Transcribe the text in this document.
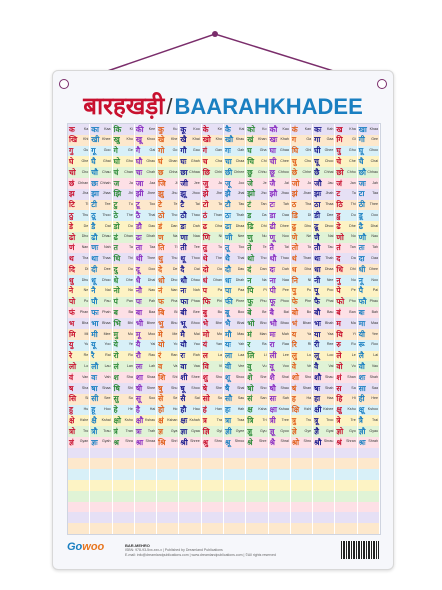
बारहखड़ी/BAARAHKHADEE
क	Ka का Kaa कि Ki की Kee कु	Ku कू Koo के	Ke कै Kai को Ko कौ Kau कं Kan कः Kah ख Kha खा Khaa
खि Khi खी Khee खु Khu खू Khoo खे Khe खै Khai खो Kho खौ Khau खं Khan खः Khah ग	Ga गा Gaa गि	Gi गी Gee
गु	Gu गू Goo गे	Ge गै	Gai गो Go गौ Gau गं Gan गः Gah घ Gha घा Ghaa घि Ghi घी Ghee घु Ghu घू Ghoo
घे Ghe घै Ghai घो Gho घौ Ghau घं Ghan घः Ghah च Cha चा Chaa चि Chi ची Chee चु Chu चू Choo चे Che चै Chai
चो Cho चौ Chau चं Chan चः Chah छ Chha छा Chhaa छि Chhi छी Chhee छु Chhu छू Chhoo छे Chhe छै Chhai छो Chho छौ Chhau
छं Chhan छः Chhah ज	Ja जा Jaa जि	Ji जी Jee जु	Ju जू Joo जे	Je जै	Jai जो Jo जौ Jau जं Jan जः Jah
झ Jha झा Jhaa झि Jhi झी Jhee झु Jhu झू Jhoo झे Jhe झै Jhai झो Jho झौ Jhau झं Jhan झः Jhah ट	Ta टा Taa
टि	Ti टी Tee टु	Tu टू	Too टे	Te टै	Tai टो	To टौ Tau टं	Tan टः Tah ठ Tha ठा Thaa ठि Thi ठी Thee
ठु Thu ठू Thoo ठे The ठै Thai ठो Tho ठौ Thau ठं Than ठः Thah ड	Da डा Daa डि	Di डी Dee डु	Du डू Doo
डे	De डै	Dai डो Do डौ Dau डं Dan डः Dah ढ Dha ढा Dhaa ढि Dhi ढी Dhee ढु Dhu ढू Dhoo ढे Dhe ढै Dhai
ढो Dho ढौ Dhau ढं Dhan ढः Dhah ण	Na णा Naa णि Ni णी Nee णु	Nu णू Noo णे	Ne णै Nai णो No णौ Nau
णं Nan णः Nah त	Ta ता Taa ति	Ti ती Tee तु	Tu तू	Too ते	Te तै	Tai तो	To तौ Tau तं	Tan तः Tah
थ Tha था Thaa थि Thi थी Thee थु Thu थू Thoo थे The थै Thai थो Tho थौ Thau थं Than थः Thah द	Da दा Daa
दि	Di दी Dee दु	Du दू Doo दे	De दै	Dai दो Do दौ Dau दं Dan दः Dah ध Dha धा Dhaa धि Dhi धी Dhee
धु Dhu धू Dhoo धे Dhe धै Dhai धो Dho धौ Dhau धं Dhan धः Dhah न	Na ना Naa नि	Ni नी Nee नु	Nu नू Noo
ने	Ne नै	Nai नो No नौ Nau नं Nan नः Nah प	Pa पा Paa पि	Pi पी Pee पु	Pu पू Poo पे	Pe पै	Pai
पो Po पौ Pau पं Pan पः Pah फ Pha फा Phaa फि Phi फी Phee फु Phu फू Phoo फे Phe फै Phai फो Pho फौ Phau
फं Phan फः Phah ब	Ba बा Baa बि	Bi बी Bee बु	Bu बू Boo बे	Be बै	Bai बो Bo बौ Bau बं Ban बः Bah
भ Bha भा Bhaa भि Bhi भी Bhee भु Bhu भू Bhoo भे Bhe भै Bhai भो Bho भौ Bhau भं Bhan भः Bhah म	Ma मा Maa
मि	Mi मी Mee मु	Mu मू Moo मे	Me मै Mai मो Mo मौ Mau मं Man मः Mah य	Ya या Yaa यि	Yi यी Yee
यु	Yu यू Yoo ये	Ye यै	Yai यो Yo यौ Yau यं Yan यः Yah र	Ra रा Raa रि	Ri री Ree रु	Ru रू Roo
रे	Re रै	Rai रो	Ro रौ Rau रं	Ran रः Rah ल	La ला Laa लि	Li ली Lee लु	Lu लू Loo ले	Le लै	Lai
लो Lo लौ Lau लं Lan लः Lah व	Va वा Vaa वि	Vi वी Vee वु	Vu वू Voo वे	Ve वै	Vai वो Vo वौ Vau
वं Van वः Vah श Sha शा Shaa शि Shi शी Shee शु Shu शू Shoo शे She शै Shai शो Sho शौ Shau शं Shan शः Shah
ष Sha षा Shaa षि Shi षी Shee षु Shu षू Shoo षे She षै Shai षो Sho षौ Shau षं Shan षः Shah स	Sa सा Saa
सि	Si सी See सु	Su सू Soo से	Se सै	Sai सो So सौ Sau सं San सः Sah ह	Ha हा Haa हि	Hi ही Hee
हु	Hu हू Hoo हे	He है	Hai हो Ho हौ Hau हं Han हः Hah क्ष Ksha क्षा Kshaa क्षि Kshi क्षी Kshee क्षु Kshu क्षू Kshoo
क्षे Kshe क्षै Kshai क्षो Ksho क्षौ Kshau क्षं Kshan क्षः Kshah त्र	Tra त्रा Traa त्रि	Tri त्री Tree त्रु	Tru त्रू Troo त्रे	Tre त्रै	Trai
त्रो Tro त्रौ Trau त्रं Tran त्रः Trah ज्ञ Gya ज्ञा Gyaa ज्ञि Gyi ज्ञी Gyee ज्ञु Gyu ज्ञू Gyoo ज्ञे Gye ज्ञै Gyai ज्ञो Gyo ज्ञौ Gyau
ज्ञं Gyan ज्ञः Gyah श्र Shra श्रा Shraa श्रि Shri श्री Shree श्रु Shru श्रू Shroo श्रे Shre श्रै Shrai श्रो Shro श्रौ Shrau श्रं Shran श्रः Shrah
Gowoo	BAR-MEHRO
ISBN: 978-93-5xx-xxx-x | Published by Dreamland Publications
E-mail: info@dreamlandpublications.com | www.dreamlandpublications.com | ©All rights reserved
